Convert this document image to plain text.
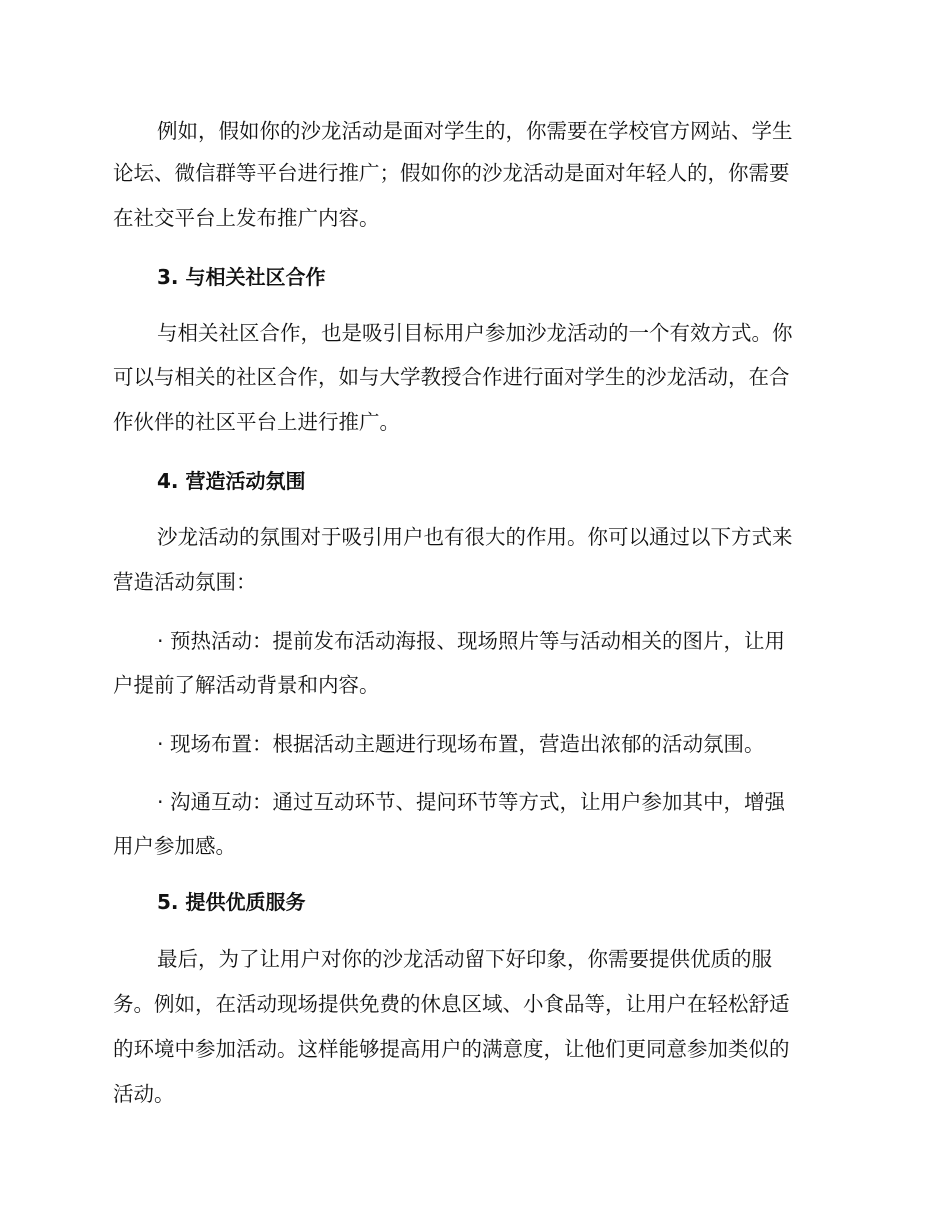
例如，假如你的沙龙活动是面对学生的，你需要在学校官方网站、学生
论坛、微信群等平台进行推广；假如你的沙龙活动是面对年轻人的，你需要
在社交平台上发布推广内容。
3. 与相关社区合作
与相关社区合作，也是吸引目标用户参加沙龙活动的一个有效方式。你
可以与相关的社区合作，如与大学教授合作进行面对学生的沙龙活动，在合
作伙伴的社区平台上进行推广。
4. 营造活动氛围
沙龙活动的氛围对于吸引用户也有很大的作用。你可以通过以下方式来
营造活动氛围：
· 预热活动：提前发布活动海报、现场照片等与活动相关的图片，让用
户提前了解活动背景和内容。
· 现场布置：根据活动主题进行现场布置，营造出浓郁的活动氛围。
· 沟通互动：通过互动环节、提问环节等方式，让用户参加其中，增强
用户参加感。
5. 提供优质服务
最后，为了让用户对你的沙龙活动留下好印象，你需要提供优质的服
务。例如，在活动现场提供免费的休息区域、小食品等，让用户在轻松舒适
的环境中参加活动。这样能够提高用户的满意度，让他们更同意参加类似的
活动。
